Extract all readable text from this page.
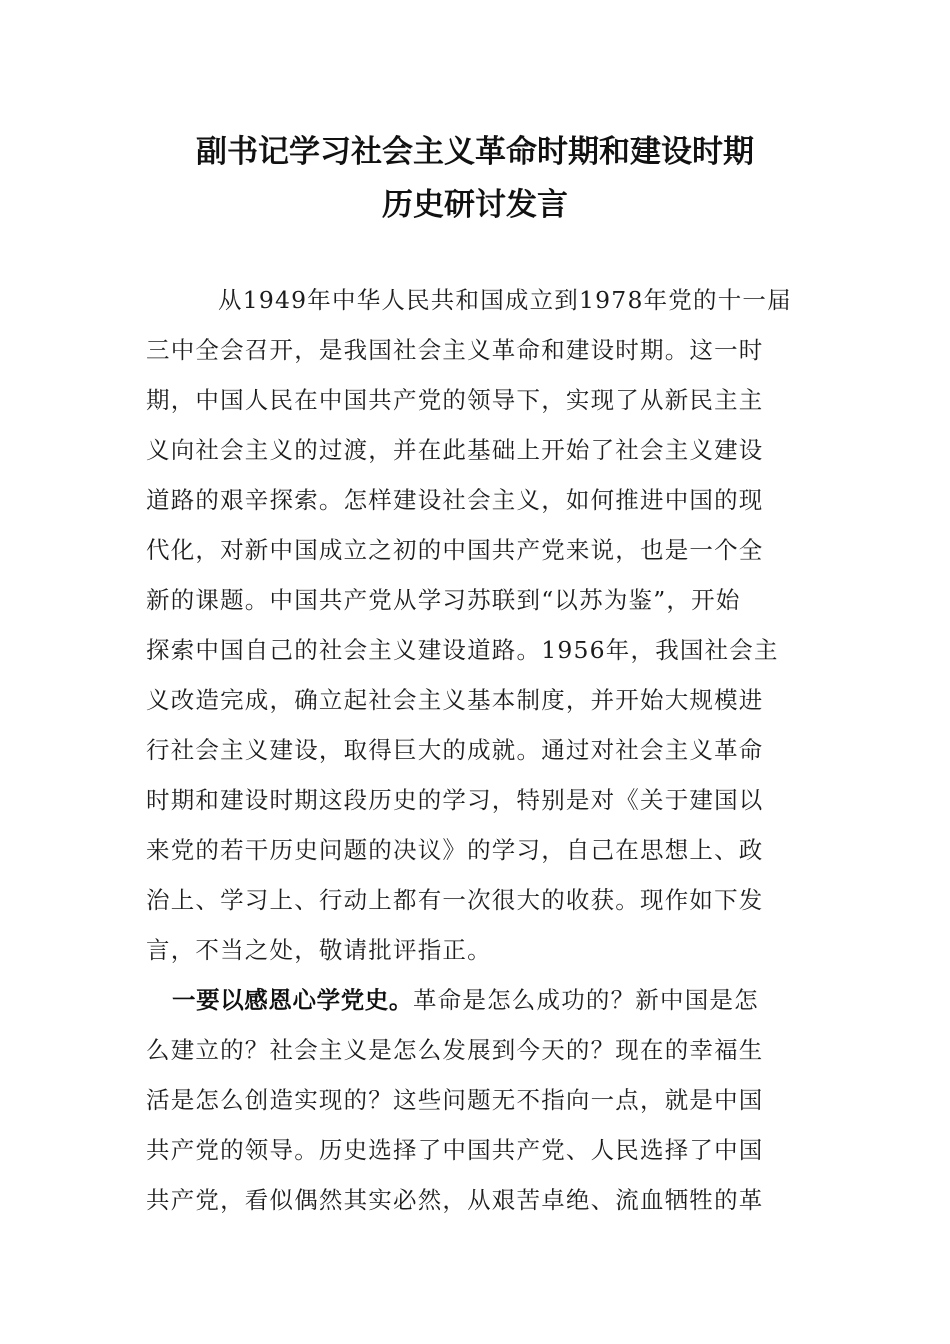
副书记学习社会主义革命时期和建设时期
历史研讨发言
从1949年中华人民共和国成立到1978年党的十一届
三中全会召开，是我国社会主义革命和建设时期。这一时
期，中国人民在中国共产党的领导下，实现了从新民主主
义向社会主义的过渡，并在此基础上开始了社会主义建设
道路的艰辛探索。怎样建设社会主义，如何推进中国的现
代化，对新中国成立之初的中国共产党来说，也是一个全
新的课题。中国共产党从学习苏联到“以苏为鉴”，开始
探索中国自己的社会主义建设道路。1956年，我国社会主
义改造完成，确立起社会主义基本制度，并开始大规模进
行社会主义建设，取得巨大的成就。通过对社会主义革命
时期和建设时期这段历史的学习，特别是对《关于建国以
来党的若干历史问题的决议》的学习，自己在思想上、政
治上、学习上、行动上都有一次很大的收获。现作如下发
言，不当之处，敬请批评指正。
一要以感恩心学党史。革命是怎么成功的？新中国是怎
么建立的？社会主义是怎么发展到今天的？现在的幸福生
活是怎么创造实现的？这些问题无不指向一点，就是中国
共产党的领导。历史选择了中国共产党、人民选择了中国
共产党，看似偶然其实必然，从艰苦卓绝、流血牺牲的革
